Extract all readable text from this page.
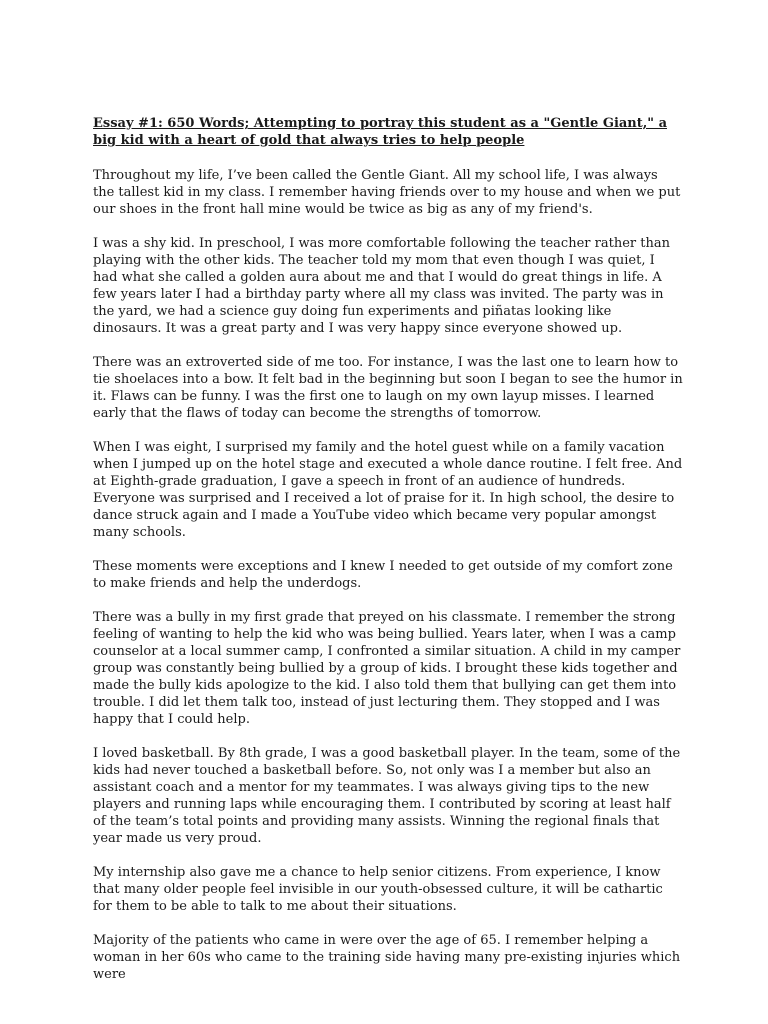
Essay #1: 650 Words; Attempting to portray this student as a "Gentle Giant," a big kid with a heart of gold that always tries to help people

Throughout my life, I’ve been called the Gentle Giant. All my school life, I was always the tallest kid in my class. I remember having friends over to my house and when we put our shoes in the front hall mine would be twice as big as any of my friend's.

I was a shy kid. In preschool, I was more comfortable following the teacher rather than playing with the other kids. The teacher told my mom that even though I was quiet, I had what she called a golden aura about me and that I would do great things in life. A few years later I had a birthday party where all my class was invited. The party was in the yard, we had a science guy doing fun experiments and piñatas looking like dinosaurs. It was a great party and I was very happy since everyone showed up.

There was an extroverted side of me too. For instance, I was the last one to learn how to tie shoelaces into a bow. It felt bad in the beginning but soon I began to see the humor in it. Flaws can be funny. I was the first one to laugh on my own layup misses. I learned early that the flaws of today can become the strengths of tomorrow.

When I was eight, I surprised my family and the hotel guest while on a family vacation when I jumped up on the hotel stage and executed a whole dance routine. I felt free. And at Eighth-grade graduation, I gave a speech in front of an audience of hundreds. Everyone was surprised and I received a lot of praise for it. In high school, the desire to dance struck again and I made a YouTube video which became very popular amongst many schools.

These moments were exceptions and I knew I needed to get outside of my comfort zone to make friends and help the underdogs.

There was a bully in my first grade that preyed on his classmate. I remember the strong feeling of wanting to help the kid who was being bullied. Years later, when I was a camp counselor at a local summer camp, I confronted a similar situation. A child in my camper group was constantly being bullied by a group of kids. I brought these kids together and made the bully kids apologize to the kid. I also told them that bullying can get them into trouble. I did let them talk too, instead of just lecturing them. They stopped and I was happy that I could help.

I loved basketball. By 8th grade, I was a good basketball player. In the team, some of the kids had never touched a basketball before. So, not only was I a member but also an assistant coach and a mentor for my teammates. I was always giving tips to the new players and running laps while encouraging them. I contributed by scoring at least half of the team’s total points and providing many assists. Winning the regional finals that year made us very proud.

My internship also gave me a chance to help senior citizens. From experience, I know that many older people feel invisible in our youth-obsessed culture, it will be cathartic for them to be able to talk to me about their situations.

Majority of the patients who came in were over the age of 65. I remember helping a woman in her 60s who came to the training side having many pre-existing injuries which were
